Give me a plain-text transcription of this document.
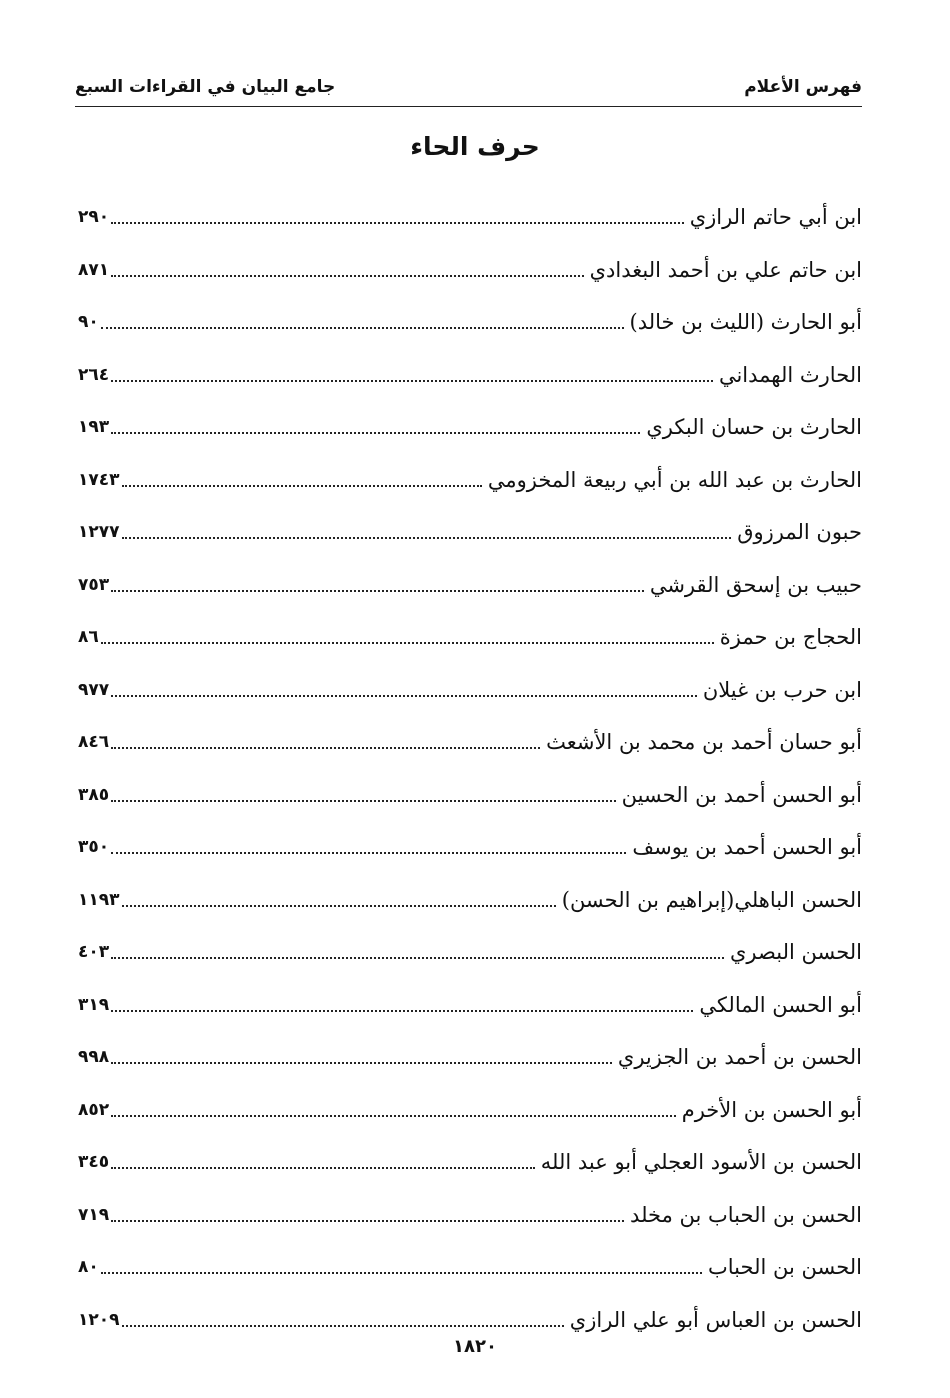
جامع البيان في القراءات السبع	فهرس الأعلام
حرف الحاء
ابن أبي حاتم الرازي
٢٩٠
ابن حاتم علي بن أحمد البغدادي
٨٧١
أبو الحارث (الليث بن خالد)
٩٠
الحارث الهمداني
٢٦٤
الحارث بن حسان البكري
١٩٣
الحارث بن عبد الله بن أبي ربيعة المخزومي
١٧٤٣
حبون المرزوق
١٢٧٧
حبيب بن إسحق القرشي
٧٥٣
الحجاج بن حمزة
٨٦
ابن حرب بن غيلان
٩٧٧
أبو حسان أحمد بن محمد بن الأشعث
٨٤٦
أبو الحسن أحمد بن الحسين
٣٨٥
أبو الحسن أحمد بن يوسف
٣٥٠
الحسن الباهلي(إبراهيم بن الحسن)
١١٩٣
الحسن البصري
٤٠٣
أبو الحسن المالكي
٣١٩
الحسن بن أحمد بن الجزيري
٩٩٨
أبو الحسن بن الأخرم
٨٥٢
الحسن بن الأسود العجلي أبو عبد الله
٣٤٥
الحسن بن الحباب بن مخلد
٧١٩
الحسن بن الحباب
٨٠
الحسن بن العباس أبو علي الرازي
١٢٠٩
١٨٢٠
